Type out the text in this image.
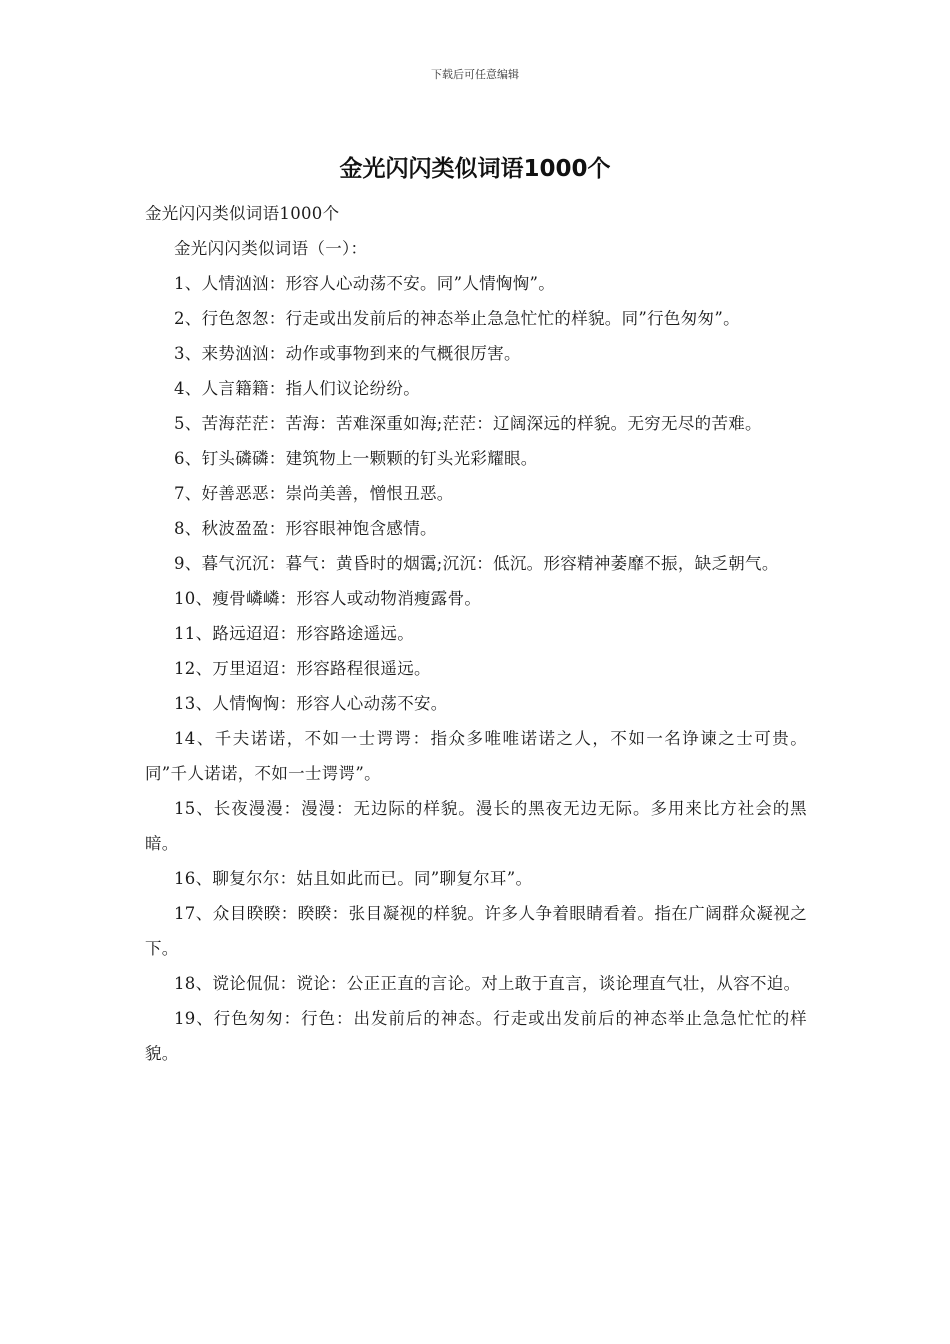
下载后可任意编辑
金光闪闪类似词语1000个

金光闪闪类似词语1000个

金光闪闪类似词语（一）：

1、人情汹汹：形容人心动荡不安。同”人情恟恟”。

2、行色怱怱：行走或出发前后的神态举止急急忙忙的样貌。同”行色匆匆”。

3、来势汹汹：动作或事物到来的气概很厉害。

4、人言籍籍：指人们议论纷纷。

5、苦海茫茫：苦海：苦难深重如海;茫茫：辽阔深远的样貌。无穷无尽的苦难。

6、钉头磷磷：建筑物上一颗颗的钉头光彩耀眼。

7、好善恶恶：崇尚美善，憎恨丑恶。

8、秋波盈盈：形容眼神饱含感情。

9、暮气沉沉：暮气：黄昏时的烟霭;沉沉：低沉。形容精神萎靡不振，缺乏朝气。

10、瘦骨嶙嶙：形容人或动物消瘦露骨。

11、路远迢迢：形容路途遥远。

12、万里迢迢：形容路程很遥远。

13、人情恟恟：形容人心动荡不安。

14、千夫诺诺，不如一士谔谔：指众多唯唯诺诺之人，不如一名诤谏之士可贵。同”千人诺诺，不如一士谔谔”。

15、长夜漫漫：漫漫：无边际的样貌。漫长的黑夜无边无际。多用来比方社会的黑暗。

16、聊复尔尔：姑且如此而已。同”聊复尔耳”。

17、众目睽睽：睽睽：张目凝视的样貌。许多人争着眼睛看着。指在广阔群众凝视之下。

18、谠论侃侃：谠论：公正正直的言论。对上敢于直言，谈论理直气壮，从容不迫。

19、行色匆匆：行色：出发前后的神态。行走或出发前后的神态举止急急忙忙的样貌。
